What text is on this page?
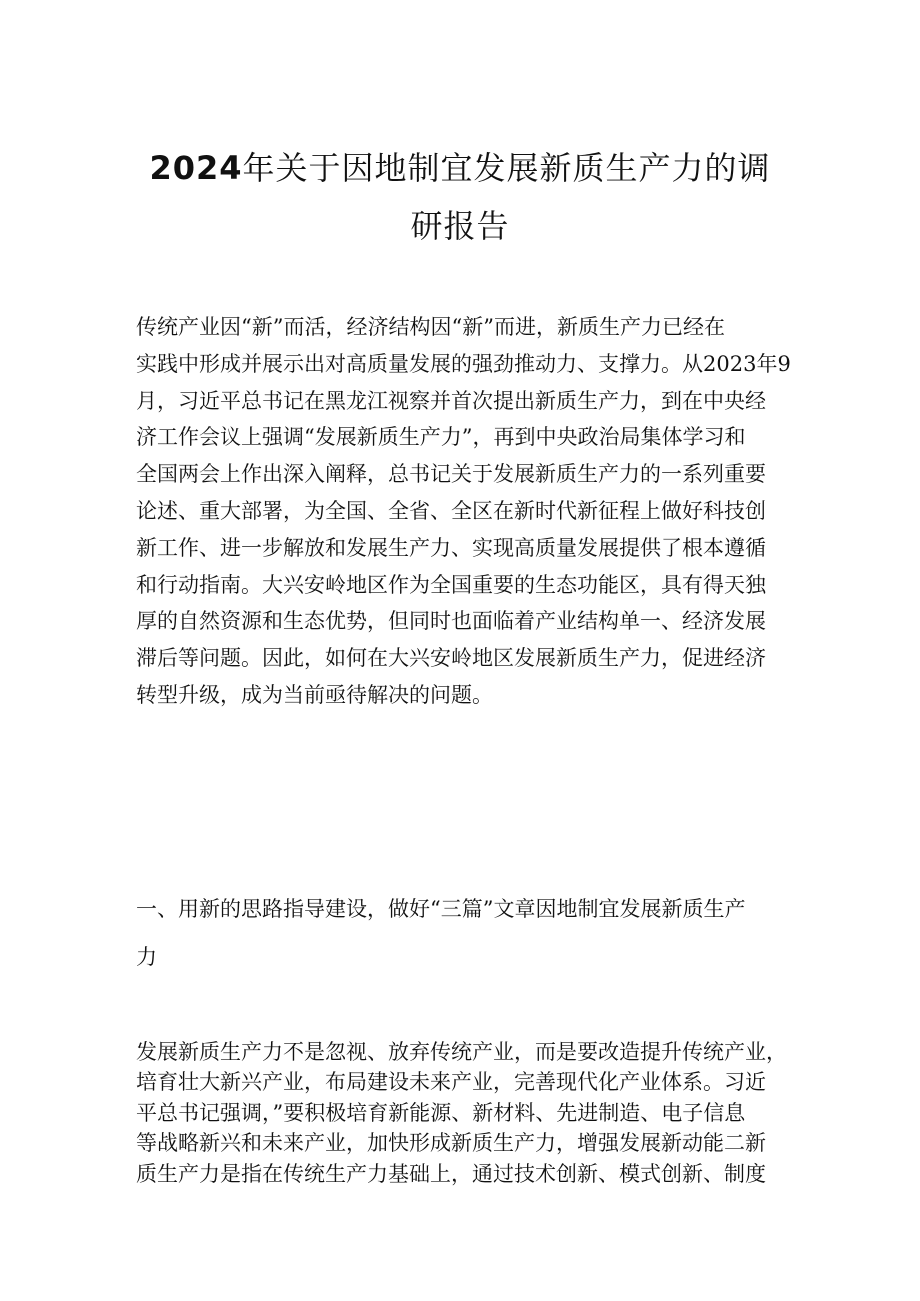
2024年关于因地制宜发展新质生产力的调
研报告
传统产业因“新”而活，经济结构因“新”而进，新质生产力已经在
实践中形成并展示出对高质量发展的强劲推动力、支撑力。从2023年9
月，习近平总书记在黑龙江视察并首次提出新质生产力，到在中央经
济工作会议上强调“发展新质生产力”，再到中央政治局集体学习和
全国两会上作出深入阐释，总书记关于发展新质生产力的一系列重要
论述、重大部署，为全国、全省、全区在新时代新征程上做好科技创
新工作、进一步解放和发展生产力、实现高质量发展提供了根本遵循
和行动指南。大兴安岭地区作为全国重要的生态功能区，具有得天独
厚的自然资源和生态优势，但同时也面临着产业结构单一、经济发展
滞后等问题。因此，如何在大兴安岭地区发展新质生产力，促进经济
转型升级，成为当前亟待解决的问题。
一、用新的思路指导建设，做好“三篇”文章因地制宜发展新质生产
力
发展新质生产力不是忽视、放弃传统产业，而是要改造提升传统产业，
培育壮大新兴产业，布局建设未来产业，完善现代化产业体系。习近
平总书记强调，”要积极培育新能源、新材料、先进制造、电子信息
等战略新兴和未来产业，加快形成新质生产力，增强发展新动能二新
质生产力是指在传统生产力基础上，通过技术创新、模式创新、制度
